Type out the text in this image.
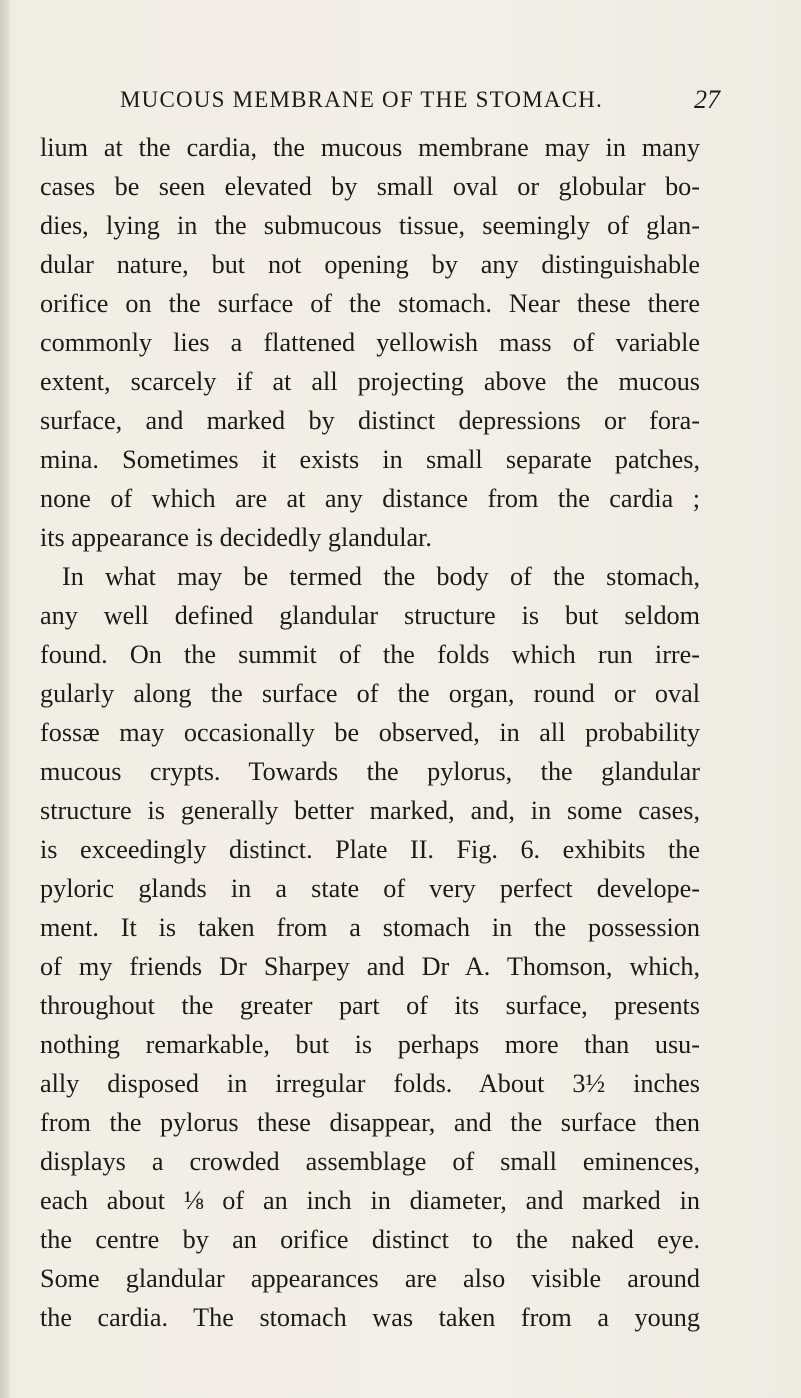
MUCOUS MEMBRANE OF THE STOMACH.	27
lium at the cardia, the mucous membrane may in many
cases be seen elevated by small oval or globular bo-
dies, lying in the submucous tissue, seemingly of glan-
dular nature, but not opening by any distinguishable
orifice on the surface of the stomach. Near these there
commonly lies a flattened yellowish mass of variable
extent, scarcely if at all projecting above the mucous
surface, and marked by distinct depressions or fora-
mina. Sometimes it exists in small separate patches,
none of which are at any distance from the cardia ;
its appearance is decidedly glandular.
In what may be termed the body of the stomach,
any well defined glandular structure is but seldom
found. On the summit of the folds which run irre-
gularly along the surface of the organ, round or oval
fossæ may occasionally be observed, in all probability
mucous crypts. Towards the pylorus, the glandular
structure is generally better marked, and, in some cases,
is exceedingly distinct. Plate II. Fig. 6. exhibits the
pyloric glands in a state of very perfect develope-
ment. It is taken from a stomach in the possession
of my friends Dr Sharpey and Dr A. Thomson, which,
throughout the greater part of its surface, presents
nothing remarkable, but is perhaps more than usu-
ally disposed in irregular folds. About 3½ inches
from the pylorus these disappear, and the surface then
displays a crowded assemblage of small eminences,
each about ⅛ of an inch in diameter, and marked in
the centre by an orifice distinct to the naked eye.
Some glandular appearances are also visible around
the cardia. The stomach was taken from a young
